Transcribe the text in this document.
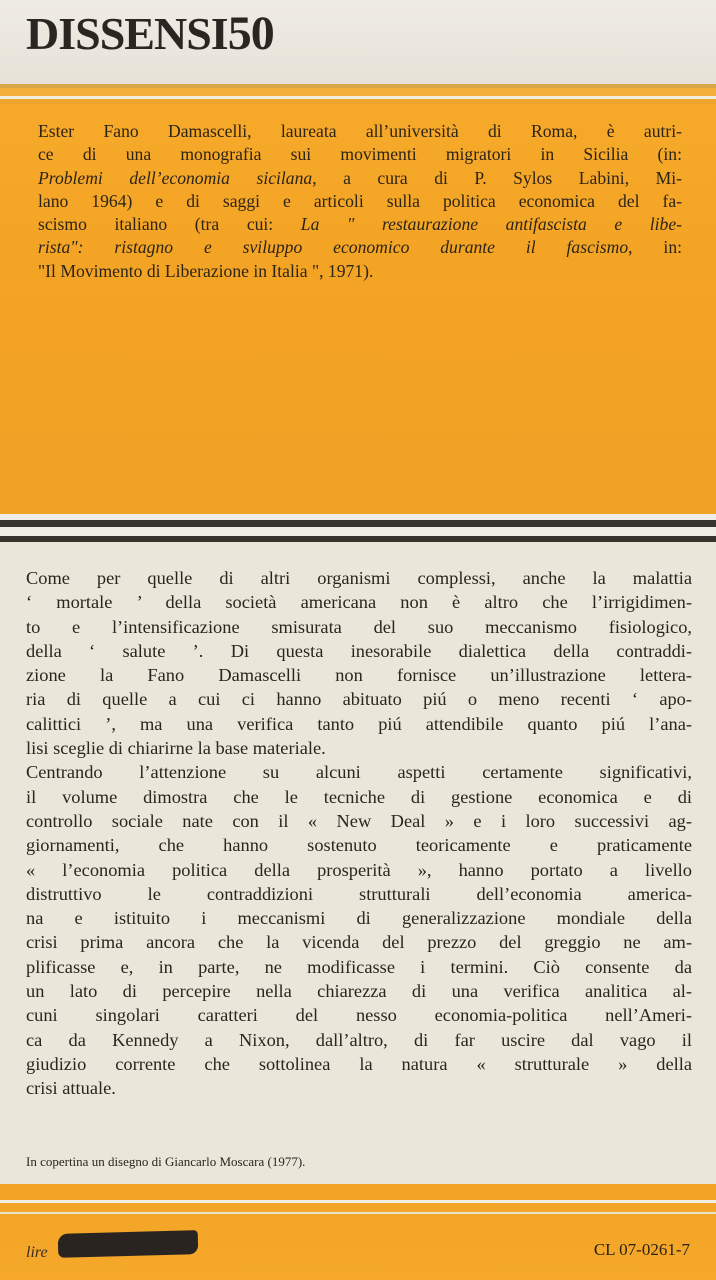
DISSENSI50
Ester Fano Damascelli, laureata all’università di Roma, è autri-
ce di una monografia sui movimenti migratori in Sicilia (in:
Problemi dell’economia sicilana, a cura di P. Sylos Labini, Mi-
lano 1964) e di saggi e articoli sulla politica economica del fa-
scismo italiano (tra cui: La " restaurazione antifascista e libe-
rista": ristagno e sviluppo economico durante il fascismo, in:
"Il Movimento di Liberazione in Italia ", 1971).
Come per quelle di altri organismi complessi, anche la malattia
‘ mortale ’ della società americana non è altro che l’irrigidimen-
to e l’intensificazione smisurata del suo meccanismo fisiologico,
della ‘ salute ’. Di questa inesorabile dialettica della contraddi-
zione la Fano Damascelli non fornisce un’illustrazione lettera-
ria di quelle a cui ci hanno abituato piú o meno recenti ‘ apo-
calittici ’, ma una verifica tanto piú attendibile quanto piú l’ana-
lisi sceglie di chiarirne la base materiale.
Centrando l’attenzione su alcuni aspetti certamente significativi,
il volume dimostra che le tecniche di gestione economica e di
controllo sociale nate con il « New Deal » e i loro successivi ag-
giornamenti, che hanno sostenuto teoricamente e praticamente
« l’economia politica della prosperità », hanno portato a livello
distruttivo le contraddizioni strutturali dell’economia america-
na e istituito i meccanismi di generalizzazione mondiale della
crisi prima ancora che la vicenda del prezzo del greggio ne am-
plificasse e, in parte, ne modificasse i termini. Ciò consente da
un lato di percepire nella chiarezza di una verifica analitica al-
cuni singolari caratteri del nesso economia-politica nell’Ameri-
ca da Kennedy a Nixon, dall’altro, di far uscire dal vago il
giudizio corrente che sottolinea la natura « strutturale » della
crisi attuale.
In copertina un disegno di Giancarlo Moscara (1977).
lire	CL 07-0261-7
